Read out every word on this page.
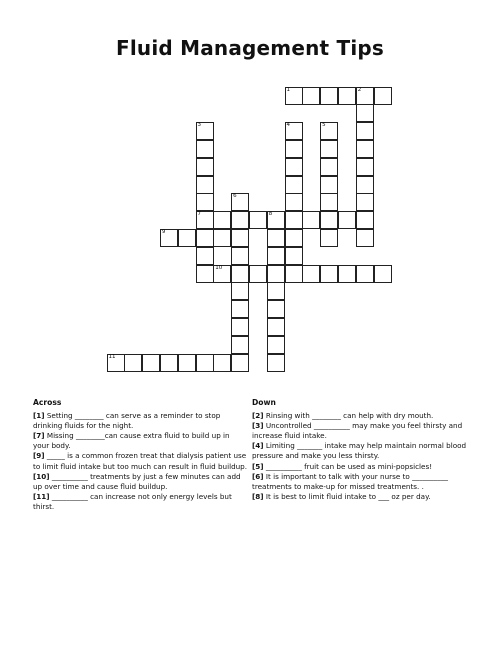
Fluid Management Tips
1	2
3
7
4	5
6
8
9
10
11
Across

[1] Setting ________ can serve as a reminder to stop drinking fluids for the night.

[7] Missing ________can cause extra fluid to build up in your body.

[9] _____ is a common frozen treat that dialysis patient use to limit fluid intake but too much can result in fluid buildup.

[10] __________ treatments by just a few minutes can add up over time and cause fluid buildup.

[11] __________ can increase not only energy levels but thirst.

Down

[2] Rinsing with ________ can help with dry mouth.

[3] Uncontrolled __________ may make you feel thirsty and increase fluid intake.

[4] Limiting _______ intake may help maintain normal blood pressure and make you less thirsty.

[5] __________ fruit can be used as mini-popsicles!

[6] It is important to talk with your nurse to __________ treatments to make-up for missed treatments. .

[8] It is best to limit fluid intake to ___ oz per day.
